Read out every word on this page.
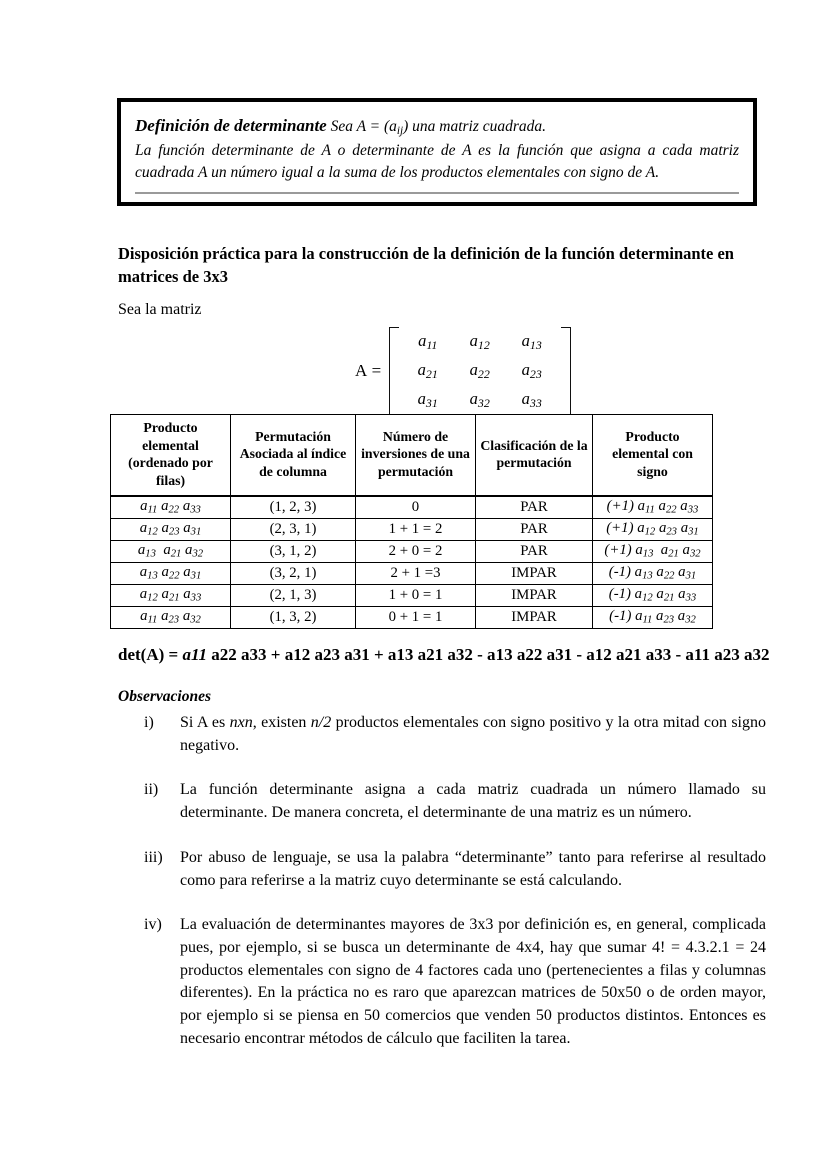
Definición de determinante Sea $A = (a_{ij})$ una matriz cuadrada.

La función determinante de A o determinante de A es la función que asigna a cada matriz cuadrada A un número igual a la suma de los productos elementales con signo de A.

Disposición práctica para la construcción de la definición de la función determinante en matrices de 3x3
Sea la matriz
A =
$a_{11}$	$a_{12}$	$a_{13}$
$a_{21}$	$a_{22}$	$a_{23}$
$a_{31}$	$a_{32}$	$a_{33}$
Producto elemental (ordenado por filas)	Permutación Asociada al índice de columna	Número de inversiones de una permutación	Clasificación de la permutación	Producto elemental con signo
$a_{11}$ $a_{22}$ $a_{33}$	(1, 2, 3)	0	PAR	(+1) $a_{11}$ $a_{22}$ $a_{33}$
$a_{12}$ $a_{23}$ $a_{31}$	(2, 3, 1)	1 + 1 = 2	PAR	(+1) $a_{12}$ $a_{23}$ $a_{31}$
$a_{13}$  $a_{21}$ $a_{32}$	(3, 1, 2)	2 + 0 = 2	PAR	(+1) $a_{13}$  $a_{21}$ $a_{32}$
$a_{13}$ $a_{22}$ $a_{31}$	(3, 2, 1)	2 + 1 =3	IMPAR	(-1) $a_{13}$ $a_{22}$ $a_{31}$
$a_{12}$ $a_{21}$ $a_{33}$	(2, 1, 3)	1 + 0 = 1	IMPAR	(-1) $a_{12}$ $a_{21}$ $a_{33}$
$a_{11}$ $a_{23}$ $a_{32}$	(1, 3, 2)	0 + 1 = 1	IMPAR	(-1) $a_{11}$ $a_{23}$ $a_{32}$
det(A) = a11 a22 a33 + a12 a23 a31 + a13 a21 a32 - a13 a22 a31 - a12 a21 a33 - a11 a23 a32
Observaciones
i)	Si A es nxn, existen n/2 productos elementales con signo positivo y la otra mitad con signo negativo.
ii)	La función determinante asigna a cada matriz cuadrada un número llamado su determinante. De manera concreta, el determinante de una matriz es un número.
iii)	Por abuso de lenguaje, se usa la palabra “determinante” tanto para referirse al resultado como para referirse a la matriz cuyo determinante se está calculando.
iv)	La evaluación de determinantes mayores de 3x3 por definición es, en general, complicada pues, por ejemplo, si se busca un determinante de 4x4, hay que sumar 4! = 4.3.2.1 = 24 productos elementales con signo de 4 factores cada uno (pertenecientes a filas y columnas diferentes). En la práctica no es raro que aparezcan matrices de 50x50 o de orden mayor, por ejemplo si se piensa en 50 comercios que venden 50 productos distintos. Entonces es necesario encontrar métodos de cálculo que faciliten la tarea.
